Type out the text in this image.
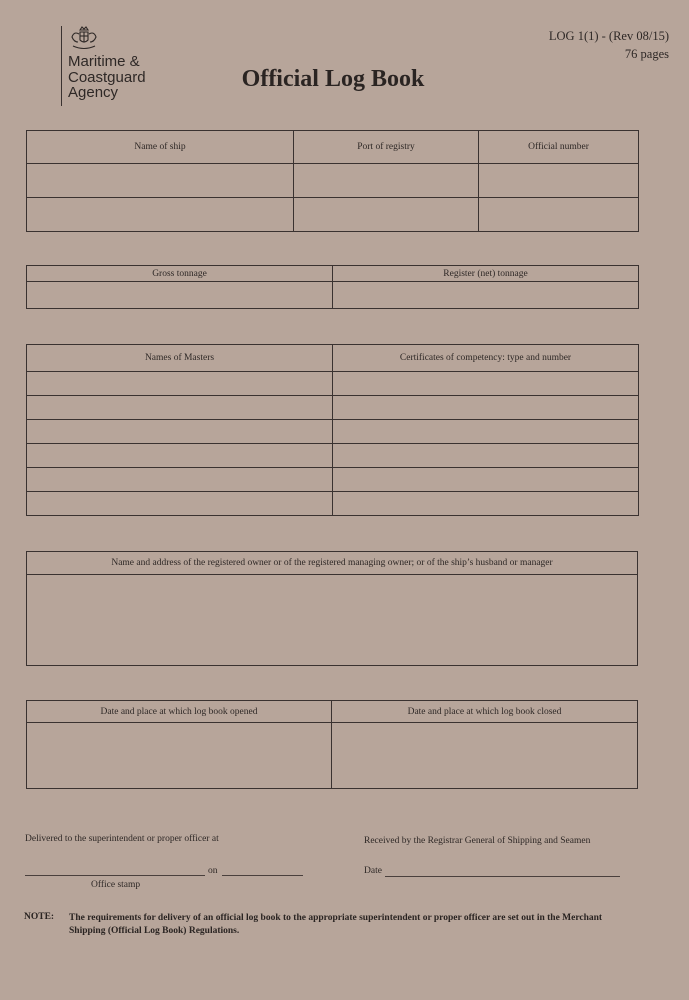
Maritime &
Coastguard
Agency
Official Log Book
LOG 1(1) - (Rev 08/15)
76 pages
Name of ship	Port of registry	Official number

Gross tonnage	Register (net) tonnage

Names of Masters	Certificates of competency: type and number

Name and address of the registered owner or of the registered managing owner; or of the ship’s husband or manager

Date and place at which log book opened	Date and place at which log book closed

Delivered to the superintendent or proper officer at
on
Office stamp
Received by the Registrar General of Shipping and Seamen
Date
NOTE: The requirements for delivery of an official log book to the appropriate superintendent or proper officer are set out in the Merchant Shipping (Official Log Book) Regulations.
